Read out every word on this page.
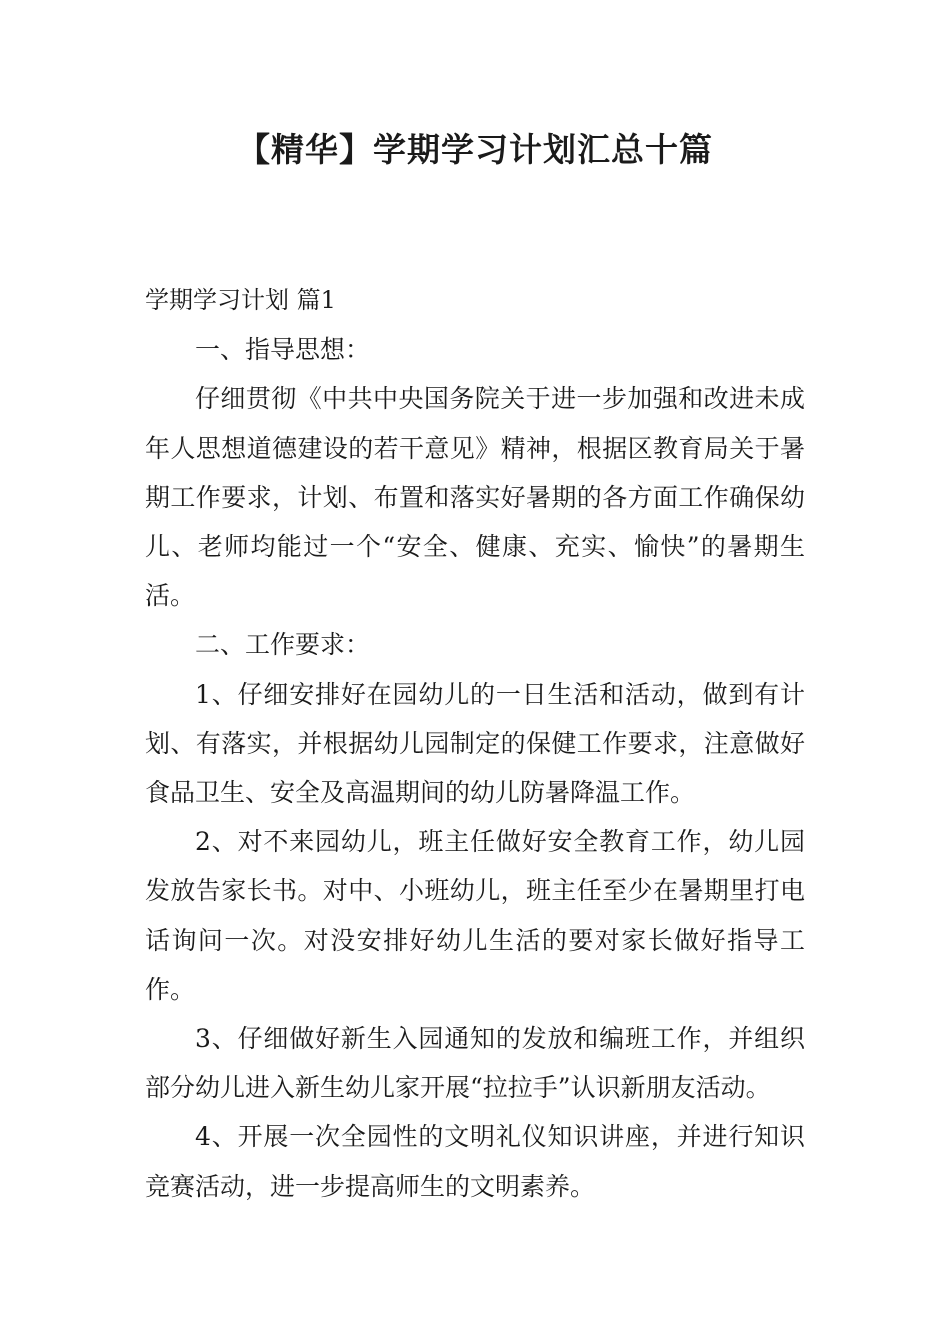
【精华】学期学习计划汇总十篇

学期学习计划 篇1

一、指导思想：

仔细贯彻《中共中央国务院关于进一步加强和改进未成年人思想道德建设的若干意见》精神，根据区教育局关于暑期工作要求，计划、布置和落实好暑期的各方面工作确保幼儿、老师均能过一个“安全、健康、充实、愉快”的暑期生活。

二、工作要求：

1、仔细安排好在园幼儿的一日生活和活动，做到有计划、有落实，并根据幼儿园制定的保健工作要求，注意做好食品卫生、安全及高温期间的幼儿防暑降温工作。

2、对不来园幼儿，班主任做好安全教育工作，幼儿园发放告家长书。对中、小班幼儿，班主任至少在暑期里打电话询问一次。对没安排好幼儿生活的要对家长做好指导工作。

3、仔细做好新生入园通知的发放和编班工作，并组织部分幼儿进入新生幼儿家开展“拉拉手”认识新朋友活动。

4、开展一次全园性的文明礼仪知识讲座，并进行知识竞赛活动，进一步提高师生的文明素养。
